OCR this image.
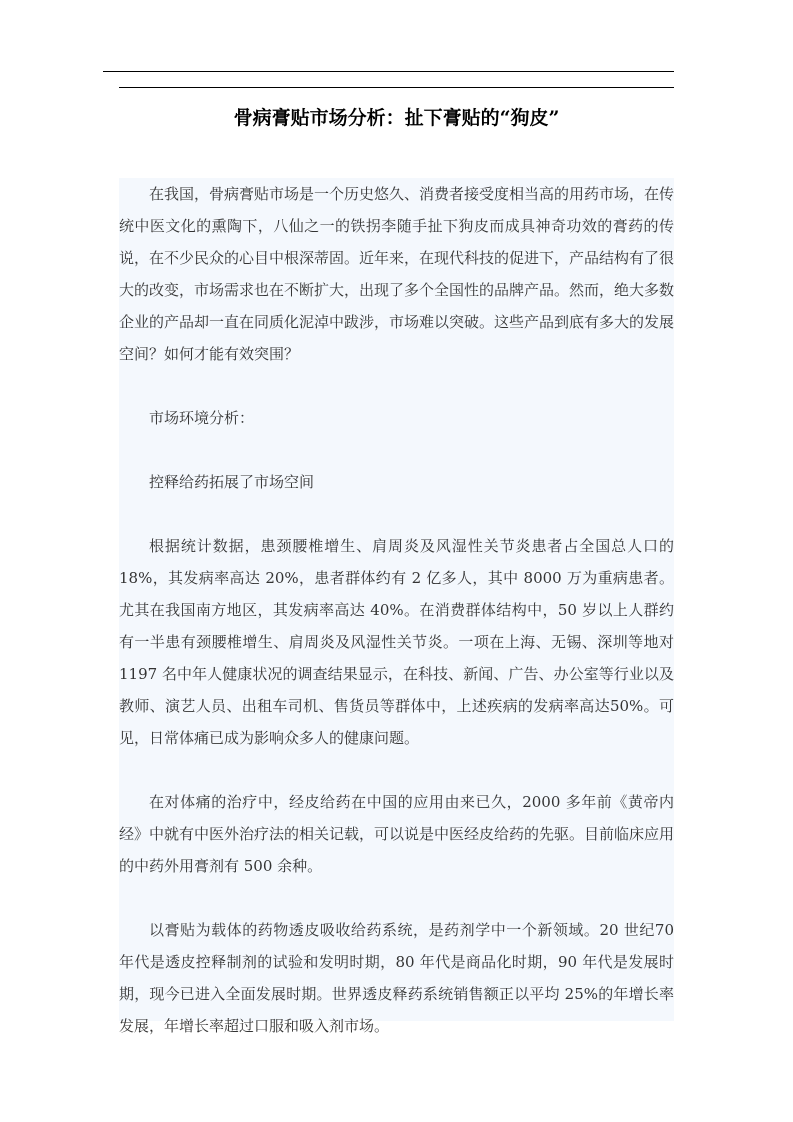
骨病膏贴市场分析：扯下膏贴的“狗皮”

在我国，骨病膏贴市场是一个历史悠久、消费者接受度相当高的用药市场，在传统中医文化的熏陶下，八仙之一的铁拐李随手扯下狗皮而成具神奇功效的膏药的传说，在不少民众的心目中根深蒂固。近年来，在现代科技的促进下，产品结构有了很大的改变，市场需求也在不断扩大，出现了多个全国性的品牌产品。然而，绝大多数企业的产品却一直在同质化泥淖中跋涉，市场难以突破。这些产品到底有多大的发展空间？如何才能有效突围？

市场环境分析：

控释给药拓展了市场空间

根据统计数据，患颈腰椎增生、肩周炎及风湿性关节炎患者占全国总人口的18%，其发病率高达 20%，患者群体约有 2 亿多人，其中 8000 万为重病患者。尤其在我国南方地区，其发病率高达 40%。在消费群体结构中，50 岁以上人群约有一半患有颈腰椎增生、肩周炎及风湿性关节炎。一项在上海、无锡、深圳等地对1197 名中年人健康状况的调查结果显示，在科技、新闻、广告、办公室等行业以及教师、演艺人员、出租车司机、售货员等群体中，上述疾病的发病率高达50%。可见，日常体痛已成为影响众多人的健康问题。

在对体痛的治疗中，经皮给药在中国的应用由来已久，2000 多年前《黄帝内经》中就有中医外治疗法的相关记载，可以说是中医经皮给药的先驱。目前临床应用的中药外用膏剂有 500 余种。

以膏贴为载体的药物透皮吸收给药系统，是药剂学中一个新领域。20 世纪70 年代是透皮控释制剂的试验和发明时期，80 年代是商品化时期，90 年代是发展时期，现今已进入全面发展时期。世界透皮释药系统销售额正以平均 25%的年增长率发展，年增长率超过口服和吸入剂市场。
